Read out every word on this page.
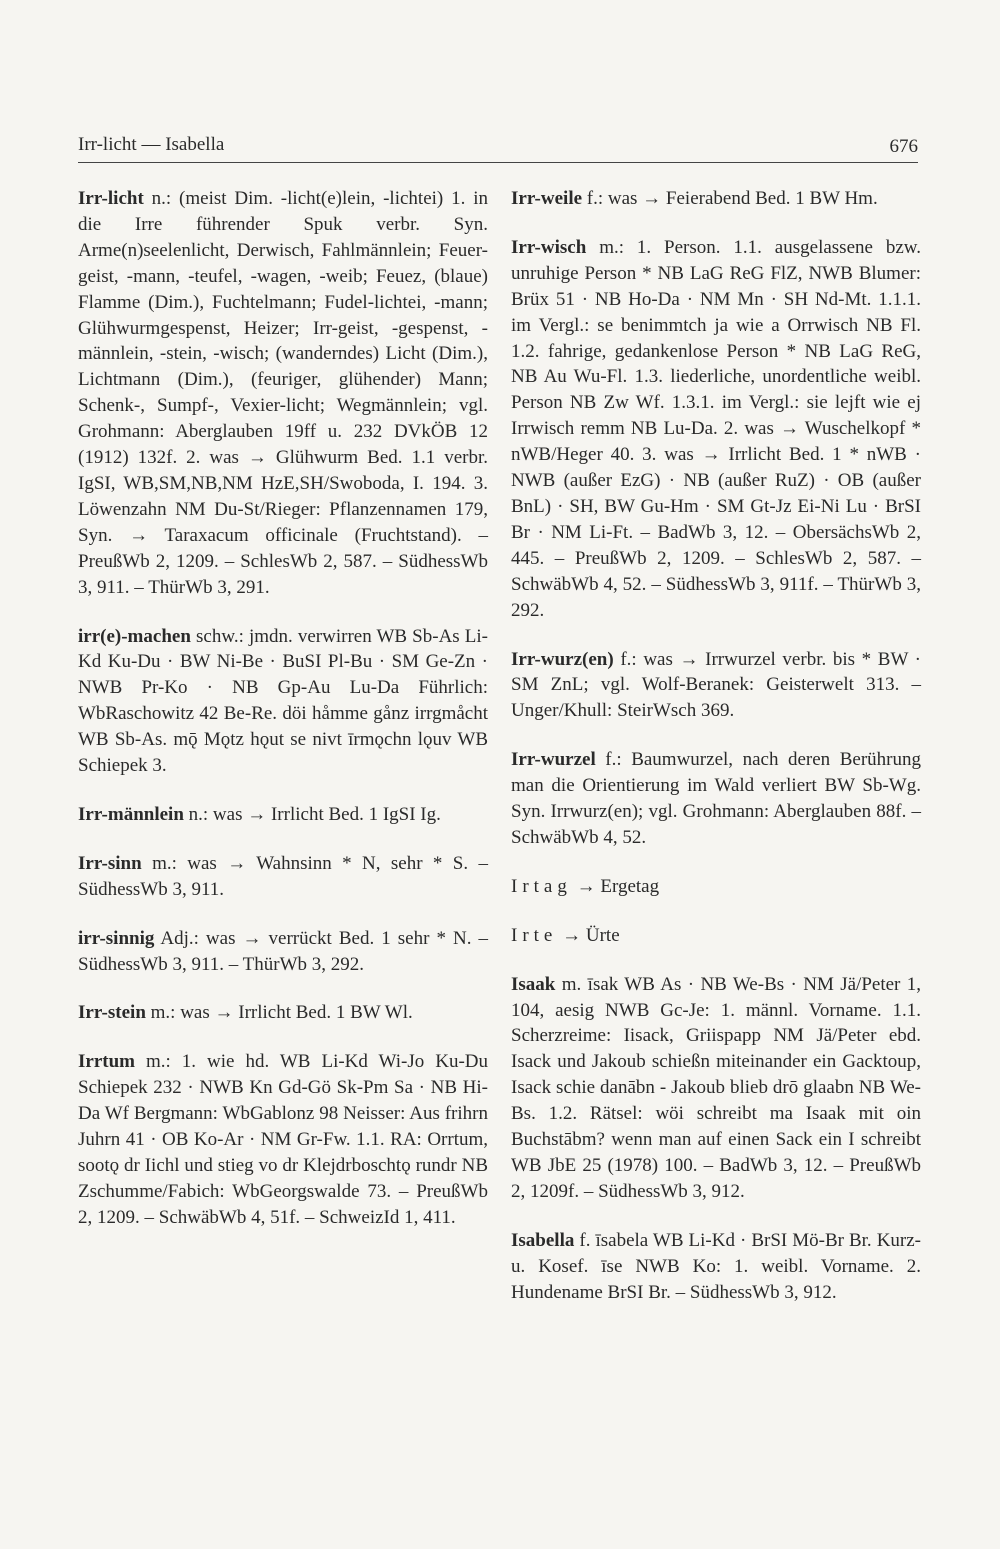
Irr-licht — Isabella	676

Irr-licht n.: (meist Dim. -licht(e)lein, -lichtei) 1. in die Irre führender Spuk verbr. Syn. Arme(n)seelenlicht, Derwisch, Fahlmännlein; Feuer-geist, -mann, -teufel, -wagen, -weib; Feuez, (blaue) Flamme (Dim.), Fuchtelmann; Fudel-lichtei, -mann; Glühwurmgespenst, Heizer; Irr-geist, -gespenst, -männlein, -stein, -wisch; (wanderndes) Licht (Dim.), Lichtmann (Dim.), (feuriger, glühender) Mann; Schenk-, Sumpf-, Vexier-licht; Wegmännlein; vgl. Grohmann: Aberglauben 19ff u. 232 DVkÖB 12 (1912) 132f. 2. was → Glühwurm Bed. 1.1 verbr. IgSI, WB,SM,NB,NM HzE,SH/Swoboda, I. 194. 3. Löwenzahn NM Du-St/Rieger: Pflanzennamen 179, Syn. → Taraxacum officinale (Fruchtstand). – PreußWb 2, 1209. – SchlesWb 2, 587. – SüdhessWb 3, 911. – ThürWb 3, 291.

irr(e)-machen schw.: jmdn. verwirren WB Sb-As Li-Kd Ku-Du · BW Ni-Be · BuSI Pl-Bu · SM Ge-Zn · NWB Pr-Ko · NB Gp-Au Lu-Da Führlich: WbRaschowitz 42 Be-Re. döi håmme gånz irrgmåcht WB Sb-As. mǭ Mǫtz hǫut se nivt īrmǫchn lǫuv WB Schiepek 3.

Irr-männlein n.: was → Irrlicht Bed. 1 IgSI Ig.

Irr-sinn m.: was → Wahnsinn * N, sehr * S. – SüdhessWb 3, 911.

irr-sinnig Adj.: was → verrückt Bed. 1 sehr * N. – SüdhessWb 3, 911. – ThürWb 3, 292.

Irr-stein m.: was → Irrlicht Bed. 1 BW Wl.

Irrtum m.: 1. wie hd. WB Li-Kd Wi-Jo Ku-Du Schiepek 232 · NWB Kn Gd-Gö Sk-Pm Sa · NB Hi-Da Wf Bergmann: WbGablonz 98 Neisser: Aus frihrn Juhrn 41 · OB Ko-Ar · NM Gr-Fw. 1.1. RA: Orrtum, sootǫ dr Iichl und stieg vo dr Klejdrboschtǫ rundr NB Zschumme/Fabich: WbGeorgswalde 73. – PreußWb 2, 1209. – SchwäbWb 4, 51f. – SchweizId 1, 411.

Irr-weile f.: was → Feierabend Bed. 1 BW Hm.

Irr-wisch m.: 1. Person. 1.1. ausgelassene bzw. unruhige Person * NB LaG ReG FlZ, NWB Blumer: Brüx 51 · NB Ho-Da · NM Mn · SH Nd-Mt. 1.1.1. im Vergl.: se benimmtch ja wie a Orrwisch NB Fl. 1.2. fahrige, gedankenlose Person * NB LaG ReG, NB Au Wu-Fl. 1.3. liederliche, unordentliche weibl. Person NB Zw Wf. 1.3.1. im Vergl.: sie lejft wie ej Irrwisch remm NB Lu-Da. 2. was → Wuschelkopf * nWB/Heger 40. 3. was → Irrlicht Bed. 1 * nWB · NWB (außer EzG) · NB (außer RuZ) · OB (außer BnL) · SH, BW Gu-Hm · SM Gt-Jz Ei-Ni Lu · BrSI Br · NM Li-Ft. – BadWb 3, 12. – ObersächsWb 2, 445. – PreußWb 2, 1209. – SchlesWb 2, 587. – SchwäbWb 4, 52. – SüdhessWb 3, 911f. – ThürWb 3, 292.

Irr-wurz(en) f.: was → Irrwurzel verbr. bis * BW · SM ZnL; vgl. Wolf-Beranek: Geisterwelt 313. – Unger/Khull: SteirWsch 369.

Irr-wurzel f.: Baumwurzel, nach deren Berührung man die Orientierung im Wald verliert BW Sb-Wg. Syn. Irrwurz(en); vgl. Grohmann: Aberglauben 88f. – SchwäbWb 4, 52.

Irtag → Ergetag

Irte → Ürte

Isaak m. īsak WB As · NB We-Bs · NM Jä/Peter 1, 104, aesig NWB Gc-Je: 1. männl. Vorname. 1.1. Scherzreime: Iisack, Griispapp NM Jä/Peter ebd. Isack und Jakoub schießn miteinander ein Gacktoup, Isack schie danābn - Jakoub blieb drō glaabn NB We-Bs. 1.2. Rätsel: wöi schreibt ma Isaak mit oin Buchstābm? wenn man auf einen Sack ein I schreibt WB JbE 25 (1978) 100. – BadWb 3, 12. – PreußWb 2, 1209f. – SüdhessWb 3, 912.

Isabella f. īsabela WB Li-Kd · BrSI Mö-Br Br. Kurz- u. Kosef. īse NWB Ko: 1. weibl. Vorname. 2. Hundename BrSI Br. – SüdhessWb 3, 912.
